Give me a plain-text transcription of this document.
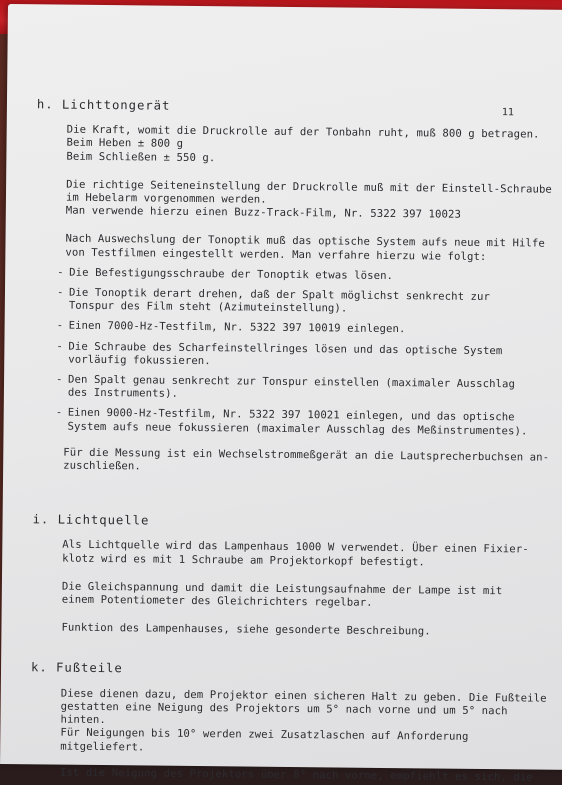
11

h. Lichttongerät

Die Kraft, womit die Druckrolle auf der Tonbahn ruht, muß 800 g betragen.
Beim Heben ± 800 g
Beim Schließen ± 550 g.

Die richtige Seiteneinstellung der Druckrolle muß mit der Einstell-Schraube
im Hebelarm vorgenommen werden.
Man verwende hierzu einen Buzz-Track-Film, Nr. 5322 397 10023

Nach Auswechslung der Tonoptik muß das optische System aufs neue mit Hilfe
von Testfilmen eingestellt werden. Man verfahre hierzu wie folgt:

- Die Befestigungsschraube der Tonoptik etwas lösen.
- Die Tonoptik derart drehen, daß der Spalt möglichst senkrecht zur
Tonspur des Film steht (Azimuteinstellung).
- Einen 7000-Hz-Testfilm, Nr. 5322 397 10019 einlegen.
- Die Schraube des Scharfeinstellringes lösen und das optische System
vorläufig fokussieren.
- Den Spalt genau senkrecht zur Tonspur einstellen (maximaler Ausschlag
des Instruments).
- Einen 9000-Hz-Testfilm, Nr. 5322 397 10021 einlegen, und das optische
System aufs neue fokussieren (maximaler Ausschlag des Meßinstrumentes).

Für die Messung ist ein Wechselstrommeßgerät an die Lautsprecherbuchsen an-
zuschließen.

i. Lichtquelle

Als Lichtquelle wird das Lampenhaus 1000 W verwendet. Über einen Fixier-
klotz wird es mit 1 Schraube am Projektorkopf befestigt.

Die Gleichspannung und damit die Leistungsaufnahme der Lampe ist mit
einem Potentiometer des Gleichrichters regelbar.

Funktion des Lampenhauses, siehe gesonderte Beschreibung.

k. Fußteile

Diese dienen dazu, dem Projektor einen sicheren Halt zu geben. Die Fußteile
gestatten eine Neigung des Projektors um 5° nach vorne und um 5° nach hinten.
Für Neigungen bis 10° werden zwei Zusatzlaschen auf Anforderung mitgeliefert.

Ist die Neigung des Projektors über 8° nach vorne, empfiehlt es sich, die
